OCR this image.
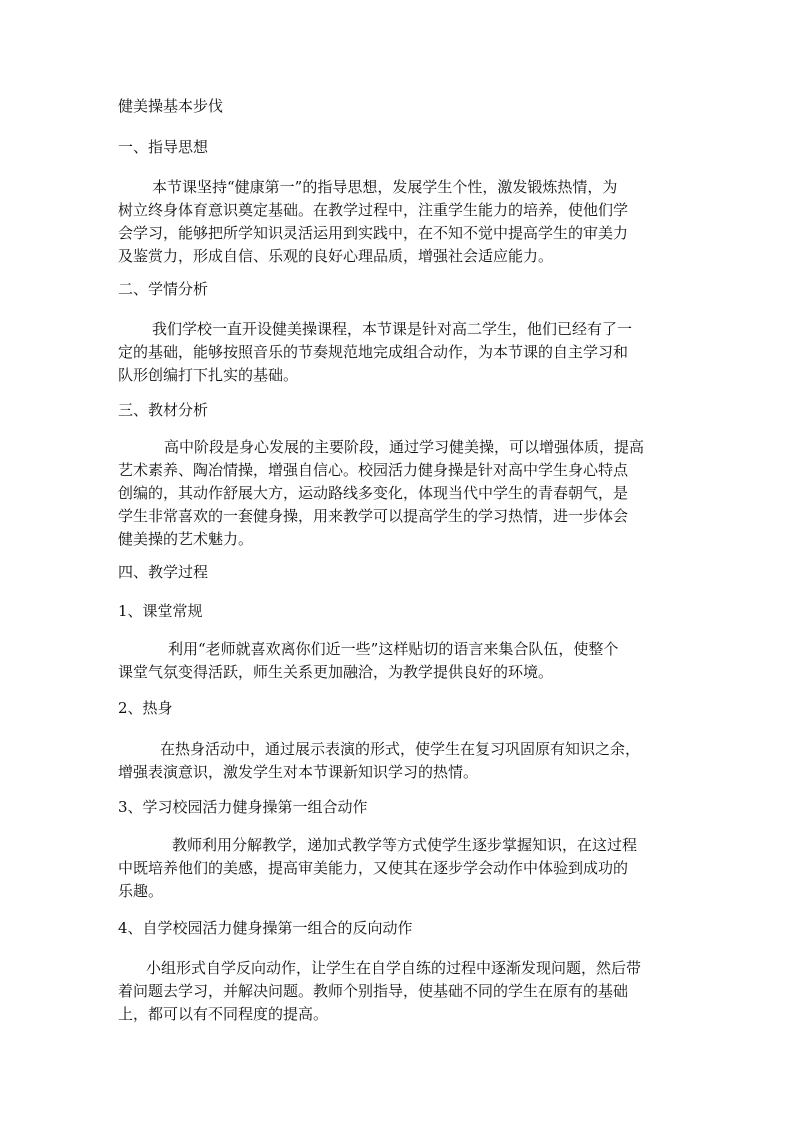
健美操基本步伐
一、指导思想

本节课坚持“健康第一”的指导思想，发展学生个性，激发锻炼热情，为
树立终身体育意识奠定基础。在教学过程中，注重学生能力的培养，使他们学
会学习，能够把所学知识灵活运用到实践中，在不知不觉中提高学生的审美力
及鉴赏力，形成自信、乐观的良好心理品质，增强社会适应能力。

二、学情分析

我们学校一直开设健美操课程，本节课是针对高二学生，他们已经有了一
定的基础，能够按照音乐的节奏规范地完成组合动作，为本节课的自主学习和
队形创编打下扎实的基础。

三、教材分析

高中阶段是身心发展的主要阶段，通过学习健美操，可以增强体质，提高
艺术素养、陶冶情操，增强自信心。校园活力健身操是针对高中学生身心特点
创编的，其动作舒展大方，运动路线多变化，体现当代中学生的青春朝气，是
学生非常喜欢的一套健身操，用来教学可以提高学生的学习热情，进一步体会
健美操的艺术魅力。

四、教学过程
1、课堂常规

利用“老师就喜欢离你们近一些”这样贴切的语言来集合队伍，使整个
课堂气氛变得活跃，师生关系更加融洽，为教学提供良好的环境。

2、热身

在热身活动中，通过展示表演的形式，使学生在复习巩固原有知识之余，
增强表演意识，激发学生对本节课新知识学习的热情。

3、学习校园活力健身操第一组合动作

教师利用分解教学，递加式教学等方式使学生逐步掌握知识，在这过程
中既培养他们的美感，提高审美能力，又使其在逐步学会动作中体验到成功的
乐趣。

4、自学校园活力健身操第一组合的反向动作

小组形式自学反向动作，让学生在自学自练的过程中逐渐发现问题，然后带
着问题去学习，并解决问题。教师个别指导，使基础不同的学生在原有的基础
上，都可以有不同程度的提高。
